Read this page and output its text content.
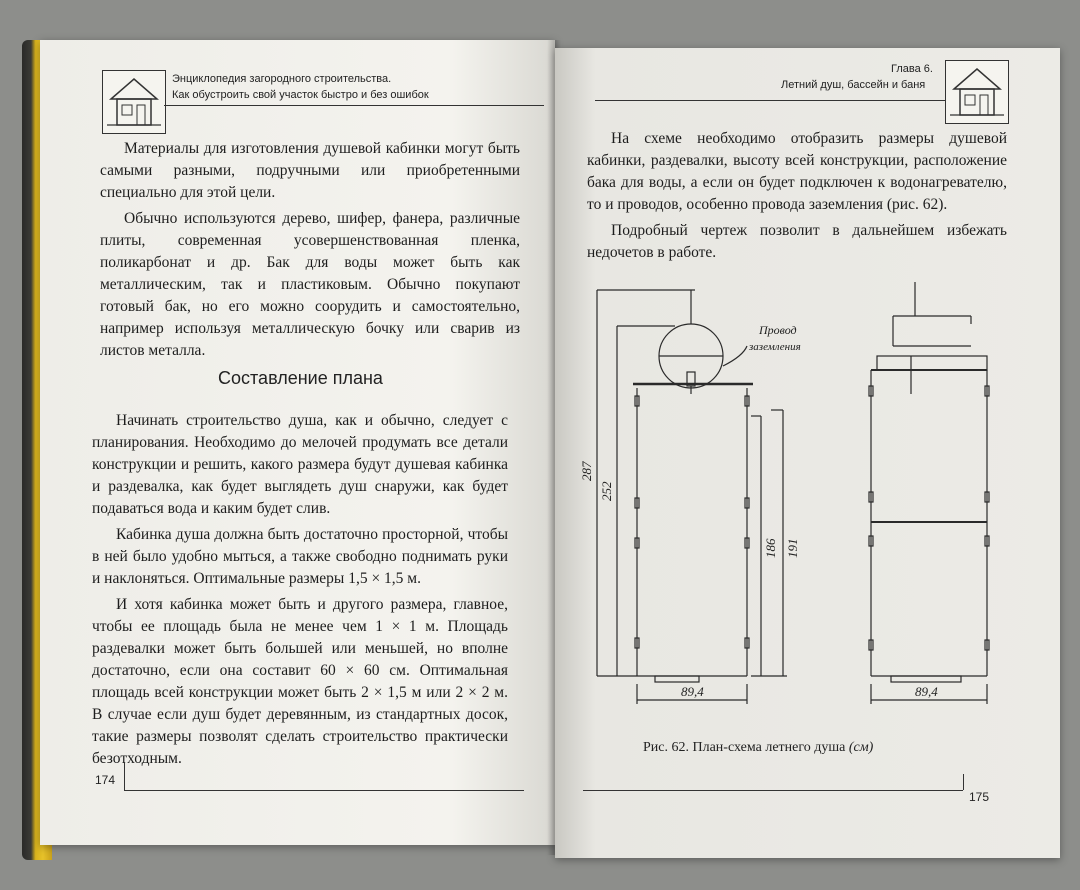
Энциклопедия загородного строительства.
Как обустроить свой участок быстро и без ошибок

Материалы для изготовления душевой кабинки могут быть самыми разными, подручными или приобретенными специально для этой цели.

Обычно используются дерево, шифер, фанера, различные плиты, современная усовершенствованная пленка, поликарбонат и др. Бак для воды может быть как металлическим, так и пластиковым. Обычно покупают готовый бак, но его можно соорудить и самостоятельно, например используя металлическую бочку или сварив из листов металла.

Составление плана

Начинать строительство душа, как и обычно, следует с планирования. Необходимо до мелочей продумать все детали конструкции и решить, какого размера будут душевая кабинка и раздевалка, как будет выглядеть душ снаружи, как будет подаваться вода и каким будет слив.

Кабинка душа должна быть достаточно просторной, чтобы в ней было удобно мыться, а также свободно поднимать руки и наклоняться. Оптимальные размеры 1,5 × 1,5 м.

И хотя кабинка может быть и другого размера, главное, чтобы ее площадь была не менее чем 1 × 1 м. Площадь раздевалки может быть большей или меньшей, но вполне достаточно, если она составит 60 × 60 см. Оптимальная площадь всей конструкции может быть 2 × 1,5 м или 2 × 2 м. В случае если душ будет деревянным, из стандартных досок, такие размеры позволят сделать строительство практически безотходным.

174
Глава 6.
Летний душ, бассейн и баня

На схеме необходимо отобразить размеры душевой кабинки, раздевалки, высоту всей конструкции, расположение бака для воды, а если он будет подключен к водонагревателю, то и проводов, особенно провода заземления (рис. 62).

Подробный чертеж позволит в дальнейшем избежать недочетов в работе.

287
252
186 191
Провод
заземления
89,4	89,4
Рис. 62. План-схема летнего душа (см)
175
